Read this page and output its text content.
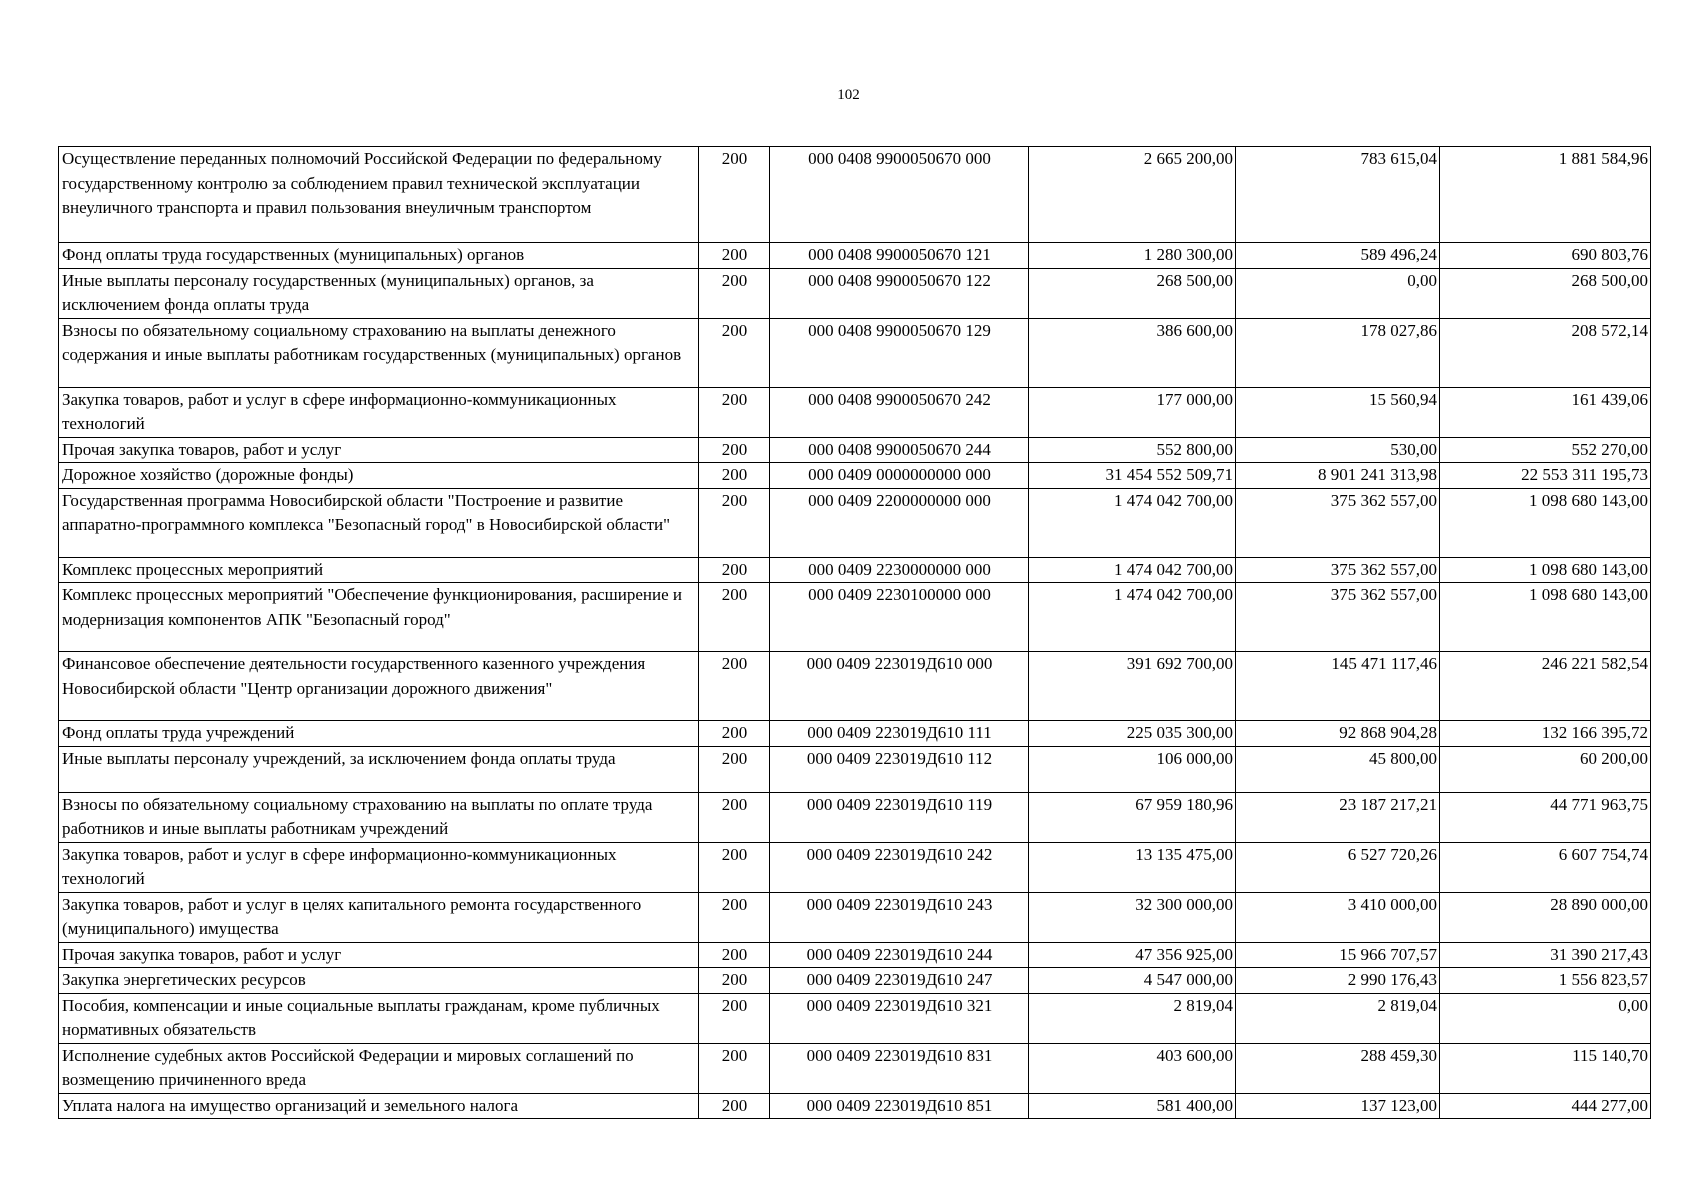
102
Осуществление переданных полномочий Российской Федерации по федеральному государственному контролю за соблюдением правил технической эксплуатации внеуличного транспорта и правил пользования внеуличным транспортом	200	000 0408 9900050670 000	2 665 200,00	783 615,04	1 881 584,96
Фонд оплаты труда государственных (муниципальных) органов	200	000 0408 9900050670 121	1 280 300,00	589 496,24	690 803,76
Иные выплаты персоналу государственных (муниципальных) органов, за исключением фонда оплаты труда	200	000 0408 9900050670 122	268 500,00	0,00	268 500,00
Взносы по обязательному социальному страхованию на выплаты денежного содержания и иные выплаты работникам государственных (муниципальных) органов	200	000 0408 9900050670 129	386 600,00	178 027,86	208 572,14
Закупка товаров, работ и услуг в сфере информационно-коммуникационных технологий	200	000 0408 9900050670 242	177 000,00	15 560,94	161 439,06
Прочая закупка товаров, работ и услуг	200	000 0408 9900050670 244	552 800,00	530,00	552 270,00
Дорожное хозяйство (дорожные фонды)	200	000 0409 0000000000 000	31 454 552 509,71	8 901 241 313,98	22 553 311 195,73
Государственная программа Новосибирской области "Построение и развитие аппаратно-программного комплекса "Безопасный город" в Новосибирской области"	200	000 0409 2200000000 000	1 474 042 700,00	375 362 557,00	1 098 680 143,00
Комплекс процессных мероприятий	200	000 0409 2230000000 000	1 474 042 700,00	375 362 557,00	1 098 680 143,00
Комплекс процессных мероприятий "Обеспечение функционирования, расширение и модернизация компонентов АПК "Безопасный город"	200	000 0409 2230100000 000	1 474 042 700,00	375 362 557,00	1 098 680 143,00
Финансовое обеспечение деятельности государственного казенного учреждения Новосибирской области "Центр организации дорожного движения"	200	000 0409 223019Д610 000	391 692 700,00	145 471 117,46	246 221 582,54
Фонд оплаты труда учреждений	200	000 0409 223019Д610 111	225 035 300,00	92 868 904,28	132 166 395,72
Иные выплаты персоналу учреждений, за исключением фонда оплаты труда	200	000 0409 223019Д610 112	106 000,00	45 800,00	60 200,00
Взносы по обязательному социальному страхованию на выплаты по оплате труда работников и иные выплаты работникам учреждений	200	000 0409 223019Д610 119	67 959 180,96	23 187 217,21	44 771 963,75
Закупка товаров, работ и услуг в сфере информационно-коммуникационных технологий	200	000 0409 223019Д610 242	13 135 475,00	6 527 720,26	6 607 754,74
Закупка товаров, работ и услуг в целях капитального ремонта государственного (муниципального) имущества	200	000 0409 223019Д610 243	32 300 000,00	3 410 000,00	28 890 000,00
Прочая закупка товаров, работ и услуг	200	000 0409 223019Д610 244	47 356 925,00	15 966 707,57	31 390 217,43
Закупка энергетических ресурсов	200	000 0409 223019Д610 247	4 547 000,00	2 990 176,43	1 556 823,57
Пособия, компенсации и иные социальные выплаты гражданам, кроме публичных нормативных обязательств	200	000 0409 223019Д610 321	2 819,04	2 819,04	0,00
Исполнение судебных актов Российской Федерации и мировых соглашений по возмещению причиненного вреда	200	000 0409 223019Д610 831	403 600,00	288 459,30	115 140,70
Уплата налога на имущество организаций и земельного налога	200	000 0409 223019Д610 851	581 400,00	137 123,00	444 277,00
